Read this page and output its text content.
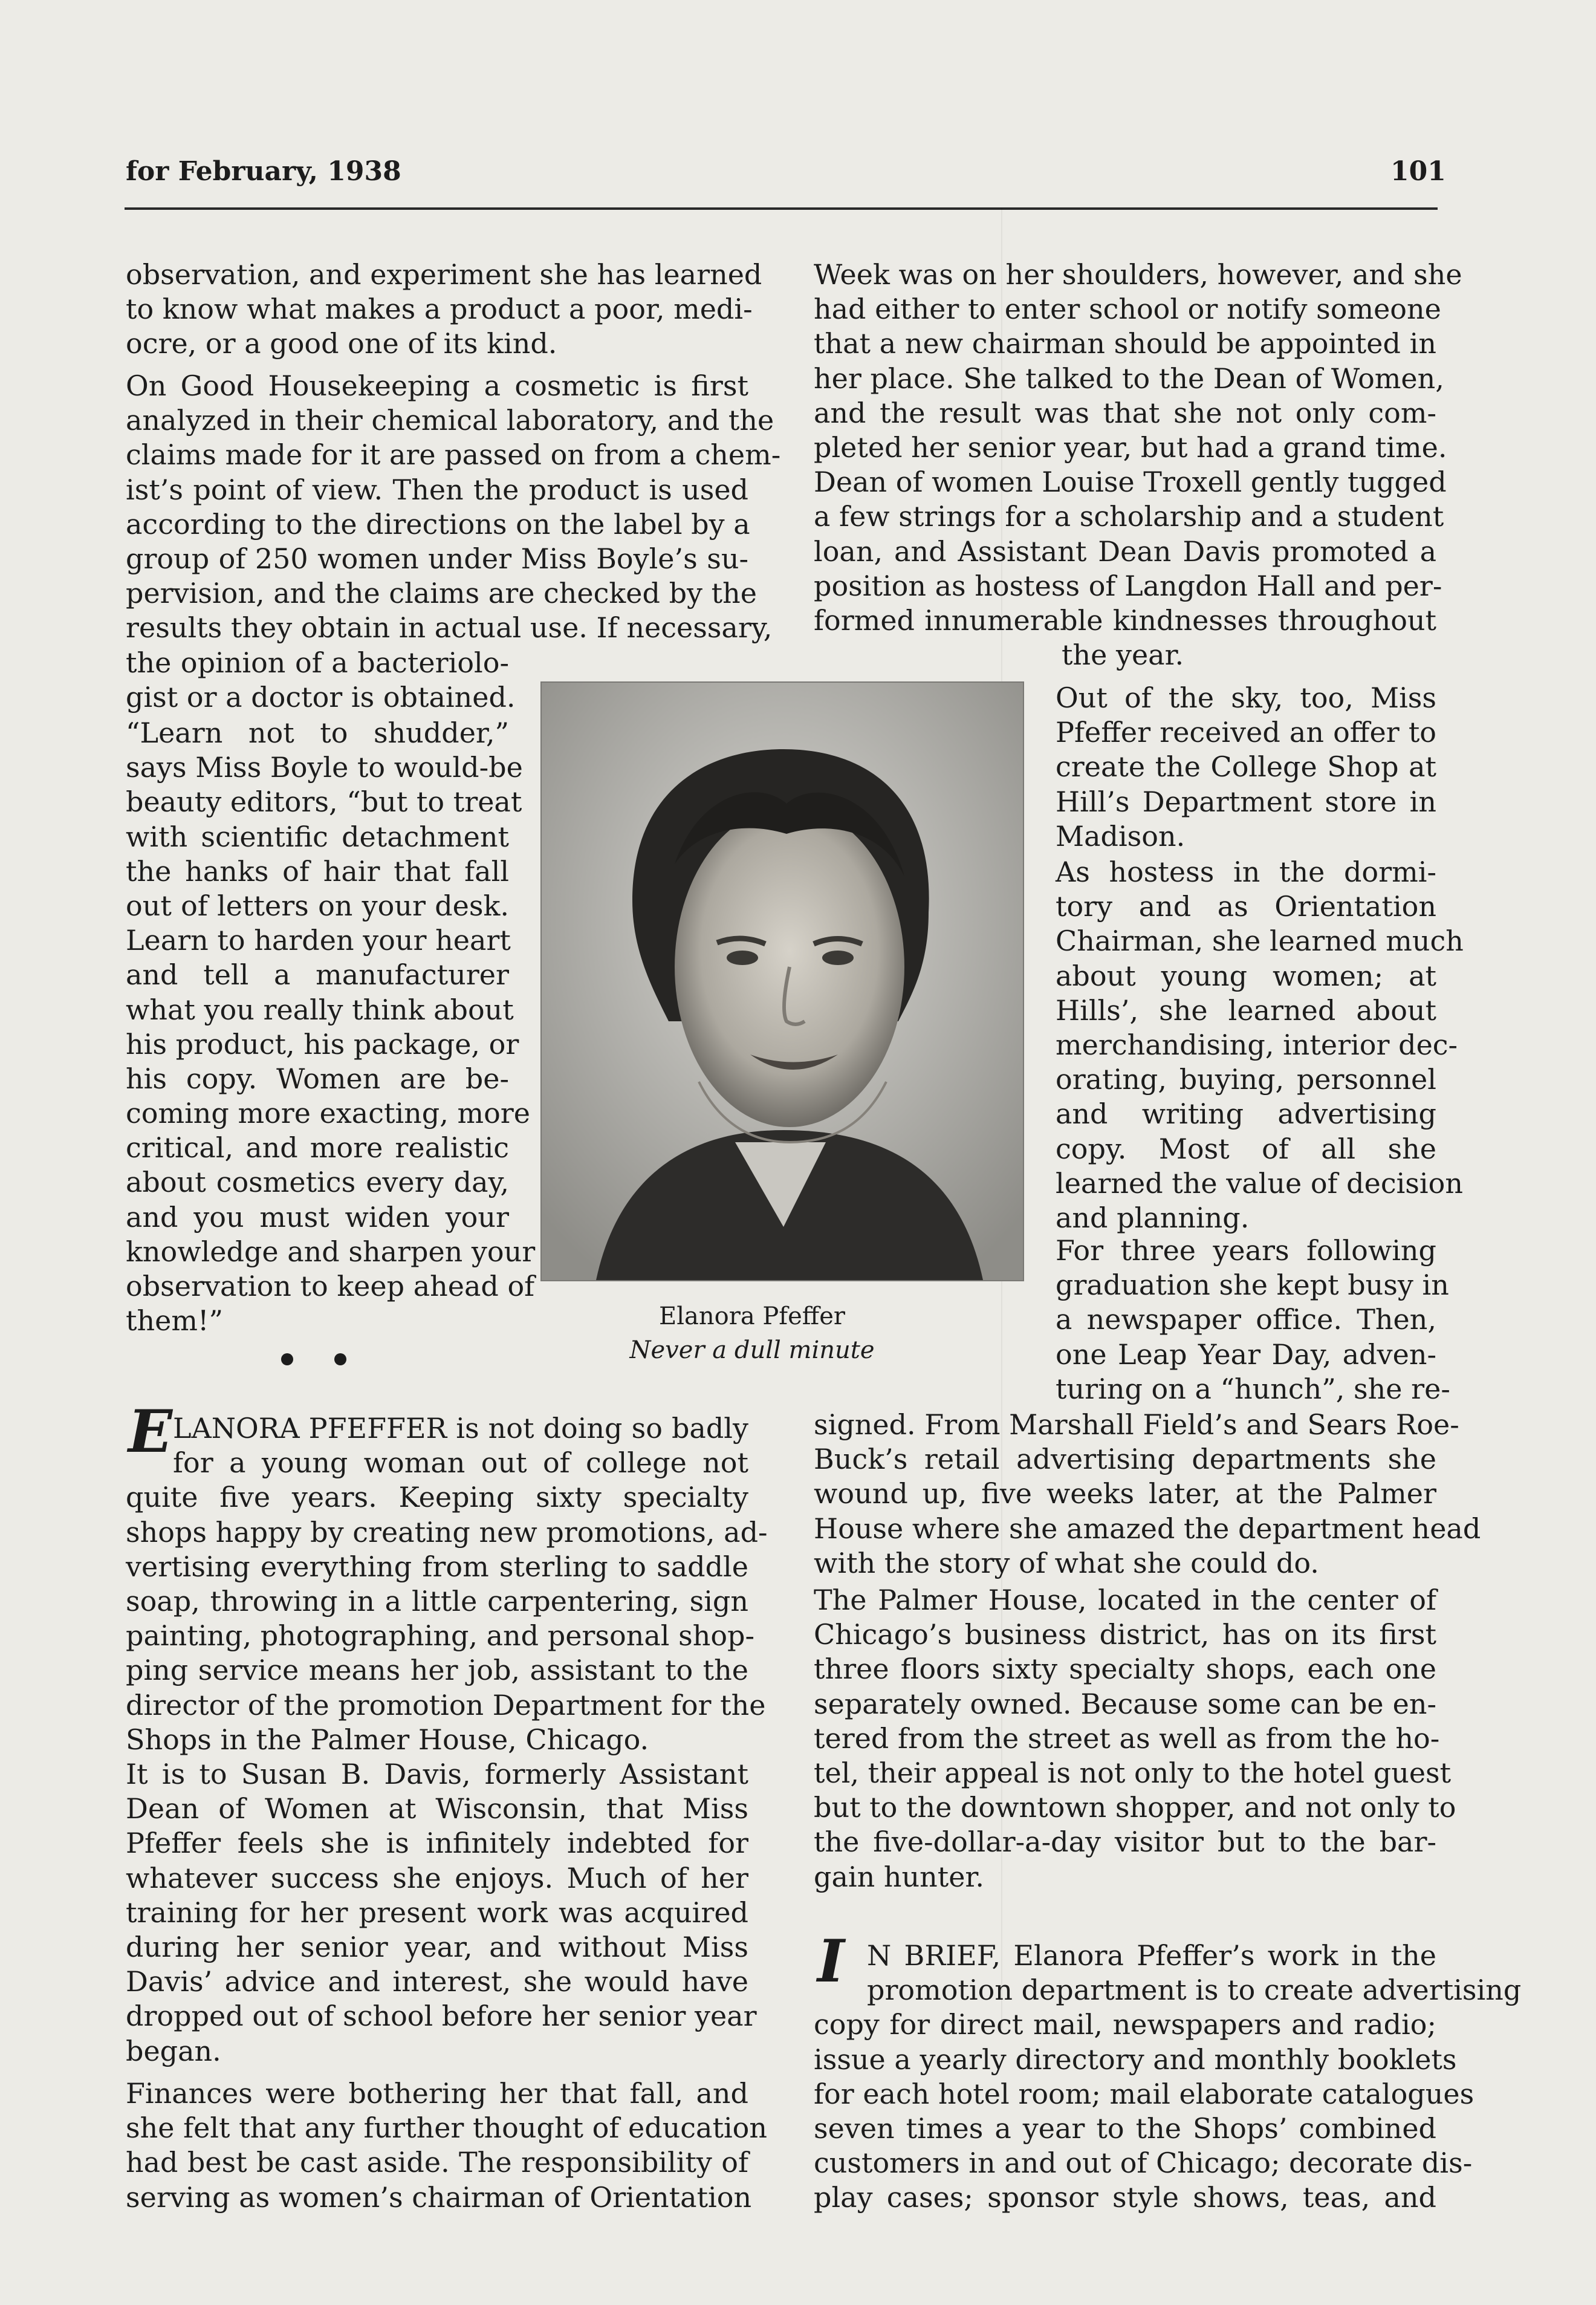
for February, 1938	101
observation, and experiment she has learned
to know what makes a product a poor, medi-
ocre, or a good one of its kind.
On Good Housekeeping a cosmetic is first
analyzed in their chemical laboratory, and the
claims made for it are passed on from a chem-
ist’s point of view. Then the product is used
according to the directions on the label by a
group of 250 women under Miss Boyle’s su-
pervision, and the claims are checked by the
results they obtain in actual use. If necessary,
the opinion of a bacteriolo-
gist or a doctor is obtained.
“Learn not to shudder,”
says Miss Boyle to would-be
beauty editors, “but to treat
with scientific detachment
the hanks of hair that fall
out of letters on your desk.
Learn to harden your heart
and tell a manufacturer
what you really think about
his product, his package, or
his copy. Women are be-
coming more exacting, more
critical, and more realistic
about cosmetics every day,
and you must widen your
knowledge and sharpen your
observation to keep ahead of
them!”
E LANORA PFEFFER is not doing so badly
for a young woman out of college not
quite five years. Keeping sixty specialty
shops happy by creating new promotions, ad-
vertising everything from sterling to saddle
soap, throwing in a little carpentering, sign
painting, photographing, and personal shop-
ping service means her job, assistant to the
director of the promotion Department for the
Shops in the Palmer House, Chicago.
It is to Susan B. Davis, formerly Assistant
Dean of Women at Wisconsin, that Miss
Pfeffer feels she is infinitely indebted for
whatever success she enjoys. Much of her
training for her present work was acquired
during her senior year, and without Miss
Davis’ advice and interest, she would have
dropped out of school before her senior year
began.
Finances were bothering her that fall, and
she felt that any further thought of education
had best be cast aside. The responsibility of
serving as women’s chairman of Orientation
Elanora Pfeffer
Never a dull minute
Week was on her shoulders, however, and she
had either to enter school or notify someone
that a new chairman should be appointed in
her place. She talked to the Dean of Women,
and the result was that she not only com-
pleted her senior year, but had a grand time.
Dean of women Louise Troxell gently tugged
a few strings for a scholarship and a student
loan, and Assistant Dean Davis promoted a
position as hostess of Langdon Hall and per-
formed innumerable kindnesses throughout
the year.
Out of the sky, too, Miss
Pfeffer received an offer to
create the College Shop at
Hill’s Department store in
Madison.
As hostess in the dormi-
tory and as Orientation
Chairman, she learned much
about young women; at
Hills’, she learned about
merchandising, interior dec-
orating, buying, personnel
and writing advertising
copy. Most of all she
learned the value of decision
and planning.
For three years following
graduation she kept busy in
a newspaper office. Then,
one Leap Year Day, adven-
turing on a “hunch”, she re-
signed. From Marshall Field’s and Sears Roe-
Buck’s retail advertising departments she
wound up, five weeks later, at the Palmer
House where she amazed the department head
with the story of what she could do.
The Palmer House, located in the center of
Chicago’s business district, has on its first
three floors sixty specialty shops, each one
separately owned. Because some can be en-
tered from the street as well as from the ho-
tel, their appeal is not only to the hotel guest
but to the downtown shopper, and not only to
the five-dollar-a-day visitor but to the bar-
gain hunter.
I N BRIEF, Elanora Pfeffer’s work in the
promotion department is to create advertising
copy for direct mail, newspapers and radio;
issue a yearly directory and monthly booklets
for each hotel room; mail elaborate catalogues
seven times a year to the Shops’ combined
customers in and out of Chicago; decorate dis-
play cases; sponsor style shows, teas, and
